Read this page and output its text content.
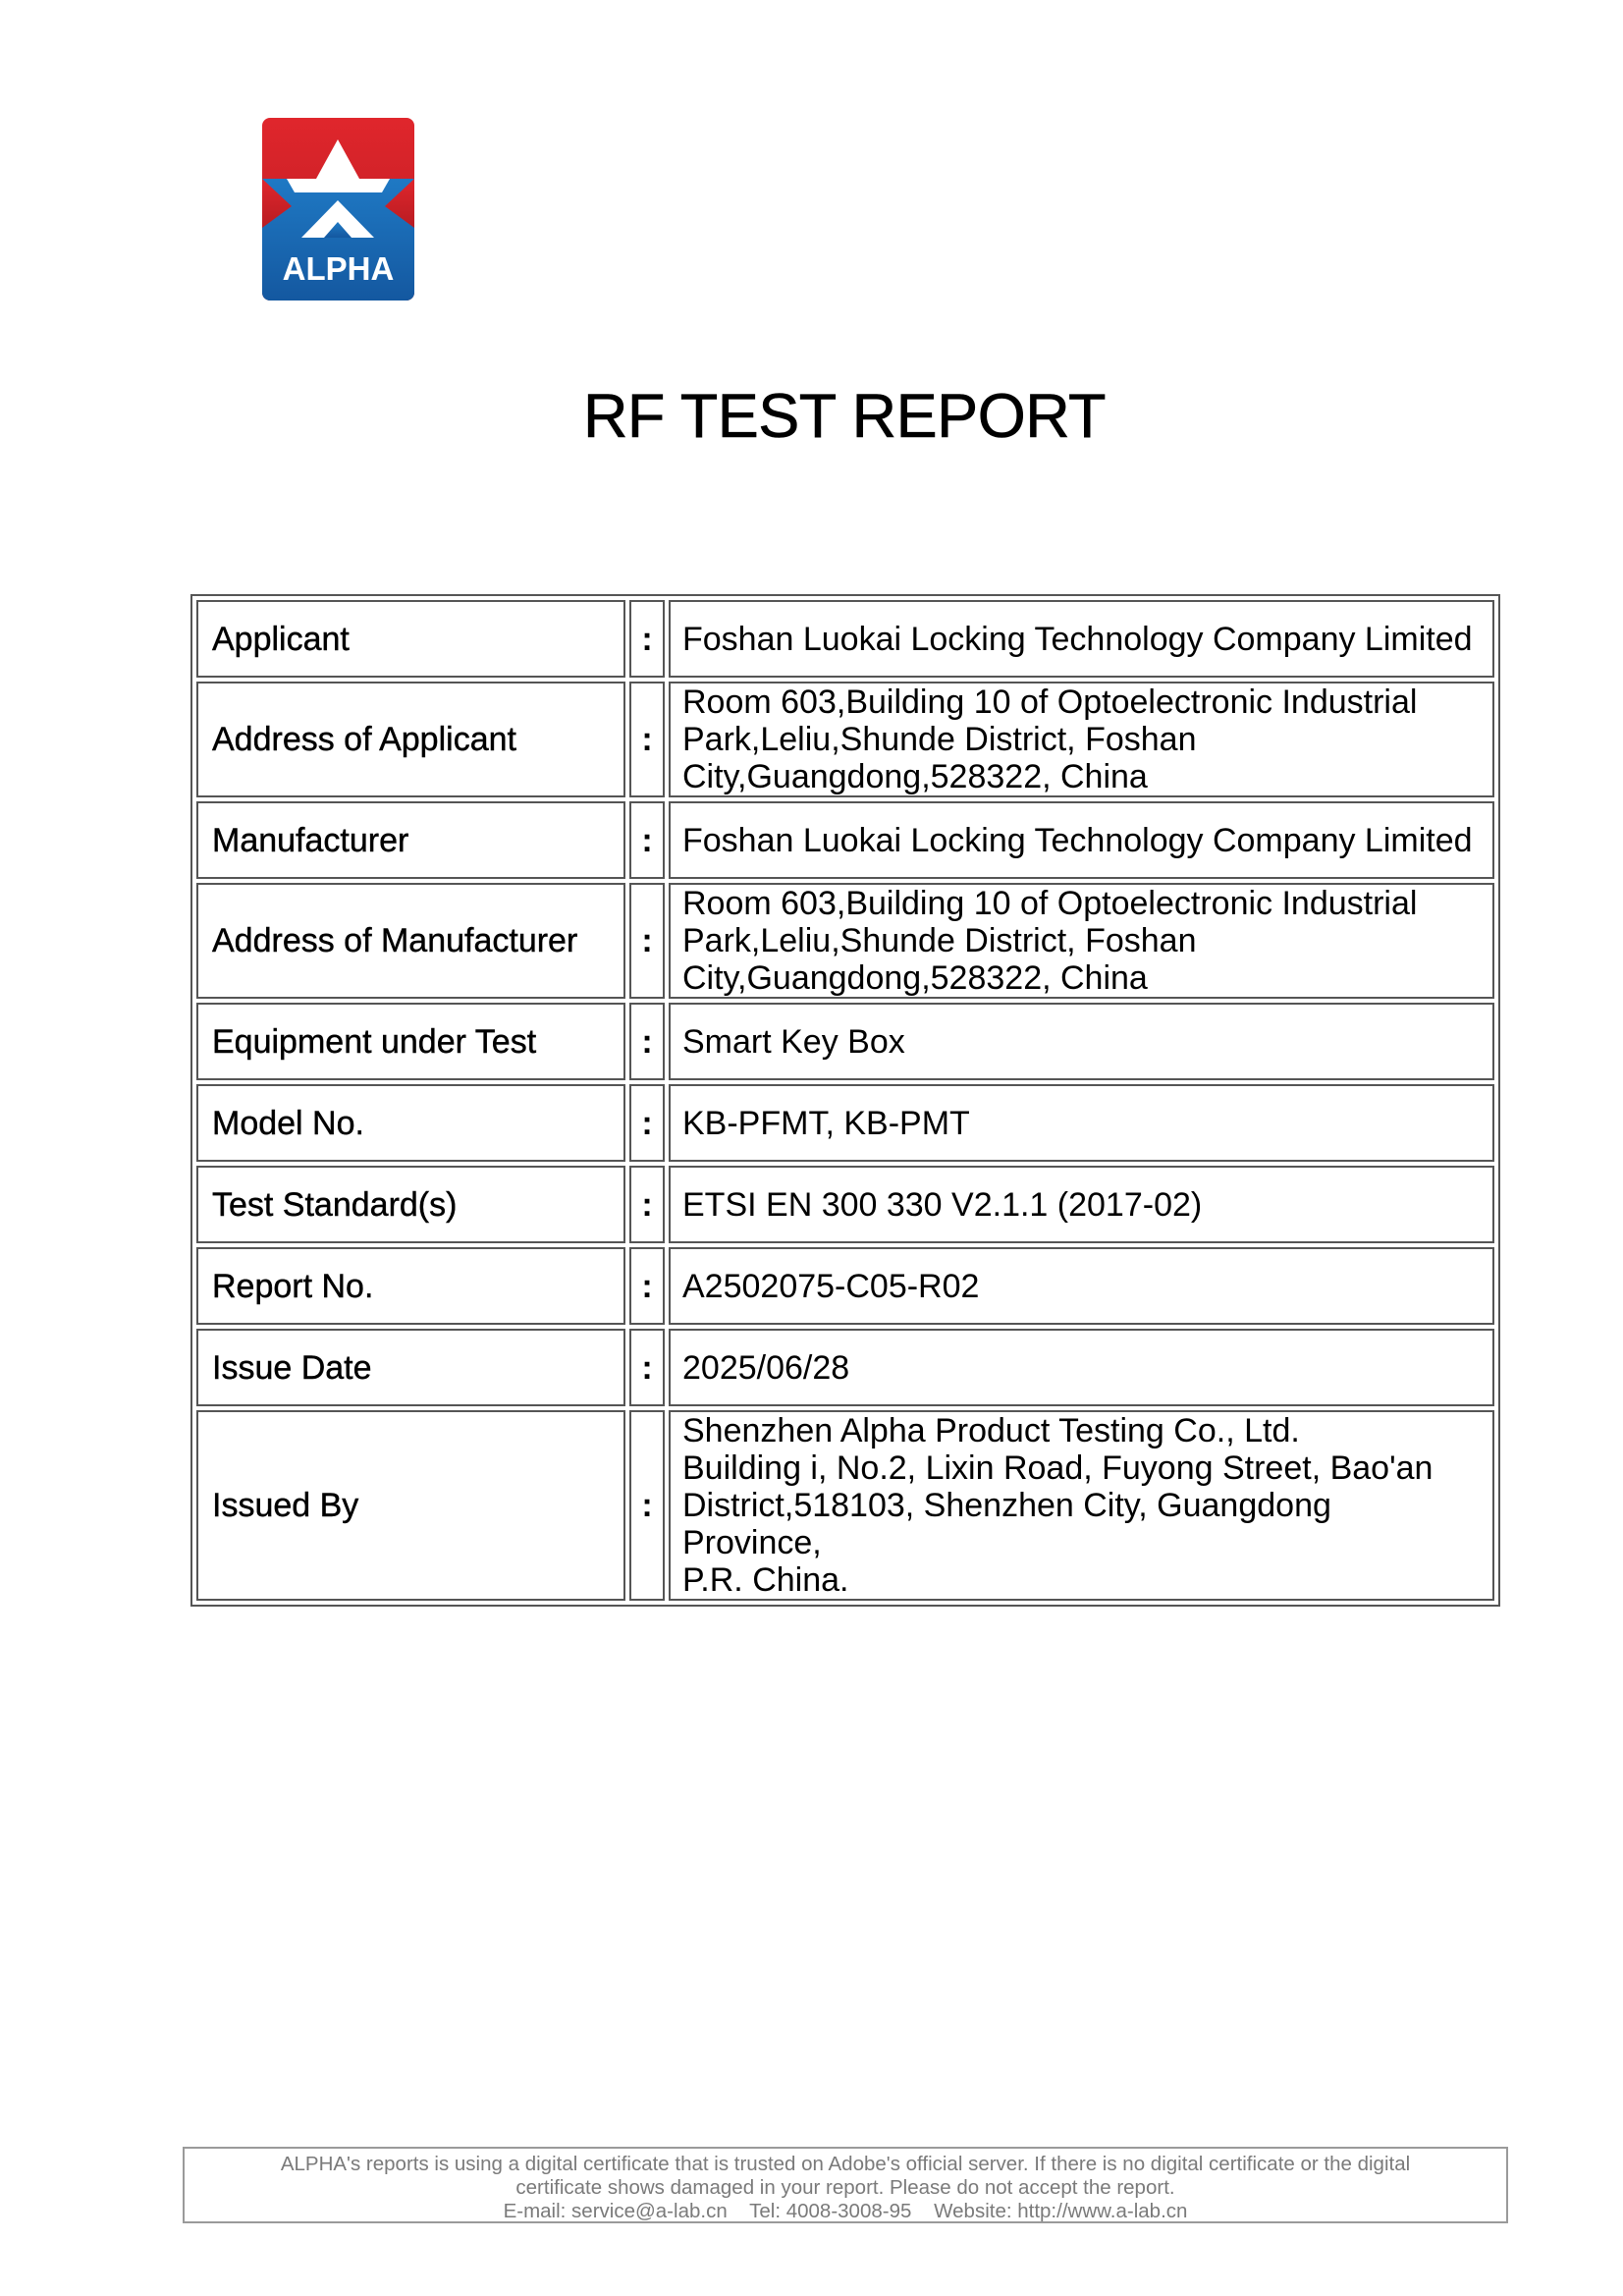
ALPHA
RF TEST REPORT
Applicant	:	Foshan Luokai Locking Technology Company Limited

Address of Applicant	:	Room 603,Building 10 of Optoelectronic Industrial
Park,Leliu,Shunde District, Foshan
City,Guangdong,528322, China

Manufacturer	:	Foshan Luokai Locking Technology Company Limited

Address of Manufacturer	:	Room 603,Building 10 of Optoelectronic Industrial
Park,Leliu,Shunde District, Foshan
City,Guangdong,528322, China

Equipment under Test	:	Smart Key Box

Model No.	:	KB-PFMT, KB-PMT

Test Standard(s)	:	ETSI EN 300 330 V2.1.1 (2017-02)

Report No.	:	A2502075-C05-R02

Issue Date	:	2025/06/28

Issued By	:	Shenzhen Alpha Product Testing Co., Ltd.
Building i, No.2, Lixin Road, Fuyong Street, Bao'an
District,518103, Shenzhen City, Guangdong Province,
P.R. China.
ALPHA's reports is using a digital certificate that is trusted on Adobe's official server. If there is no digital certificate or the digital
certificate shows damaged in your report. Please do not accept the report.
E-mail: service@a-lab.cn    Tel: 4008-3008-95    Website: http://www.a-lab.cn
